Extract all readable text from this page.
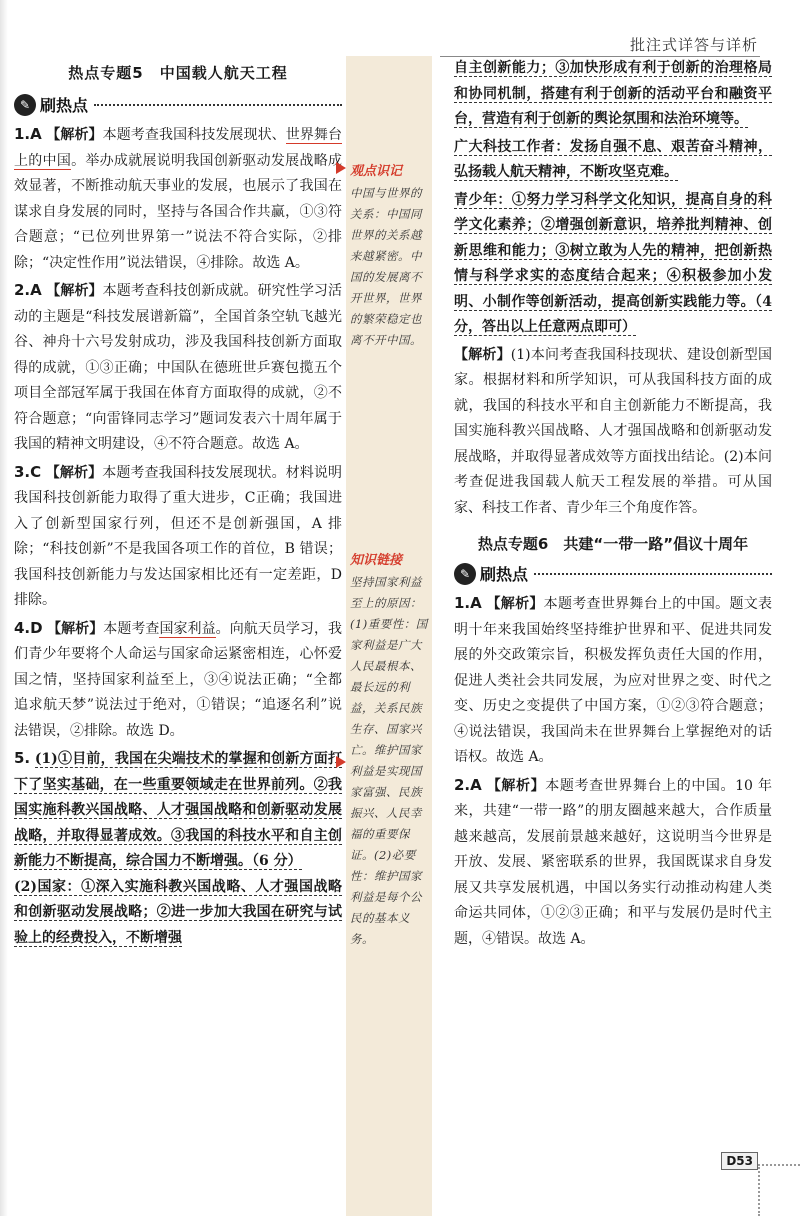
批注式详答与详析
热点专题5　中国载人航天工程
✎ 刷热点
1.A 【解析】本题考查我国科技发展现状、世界舞台上的中国。举办成就展说明我国创新驱动发展战略成效显著，不断推动航天事业的发展，也展示了我国在谋求自身发展的同时，坚持与各国合作共赢，①③符合题意；“已位列世界第一”说法不符合实际，②排除；“决定性作用”说法错误，④排除。故选 A。
2.A 【解析】本题考查科技创新成就。研究性学习活动的主题是“科技发展谱新篇”，全国首条空轨飞越光谷、神舟十六号发射成功，涉及我国科技创新方面取得的成就，①③正确；中国队在德班世乒赛包揽五个项目全部冠军属于我国在体育方面取得的成就，②不符合题意；“向雷锋同志学习”题词发表六十周年属于我国的精神文明建设，④不符合题意。故选 A。
3.C 【解析】本题考查我国科技发展现状。材料说明我国科技创新能力取得了重大进步，C正确；我国进入了创新型国家行列，但还不是创新强国，A 排除；“科技创新”不是我国各项工作的首位，B 错误；我国科技创新能力与发达国家相比还有一定差距，D 排除。
4.D 【解析】本题考查国家利益。向航天员学习，我们青少年要将个人命运与国家命运紧密相连，心怀爱国之情，坚持国家利益至上，③④说法正确；“全都追求航天梦”说法过于绝对，①错误；“追逐名利”说法错误，②排除。故选 D。
5. (1)①目前，我国在尖端技术的掌握和创新方面打下了坚实基础，在一些重要领域走在世界前列。②我国实施科教兴国战略、人才强国战略和创新驱动发展战略，并取得显著成效。③我国的科技水平和自主创新能力不断提高，综合国力不断增强。（6 分）
(2)国家：①深入实施科教兴国战略、人才强国战略和创新驱动发展战略；②进一步加大我国在研究与试验上的经费投入，不断增强
观点识记
中国与世界的关系：中国同世界的关系越来越紧密。中国的发展离不开世界，世界的繁荣稳定也离不开中国。
知识链接
坚持国家利益至上的原因：(1)重要性：国家利益是广大人民最根本、最长远的利益，关系民族生存、国家兴亡。维护国家利益是实现国家富强、民族振兴、人民幸福的重要保证。(2)必要性：维护国家利益是每个公民的基本义务。
自主创新能力；③加快形成有利于创新的治理格局和协同机制，搭建有利于创新的活动平台和融资平台，营造有利于创新的舆论氛围和法治环境等。
广大科技工作者：发扬自强不息、艰苦奋斗精神，弘扬载人航天精神，不断攻坚克难。
青少年：①努力学习科学文化知识，提高自身的科学文化素养；②增强创新意识，培养批判精神、创新思维和能力；③树立敢为人先的精神，把创新热情与科学求实的态度结合起来；④积极参加小发明、小制作等创新活动，提高创新实践能力等。（4 分，答出以上任意两点即可）
【解析】(1)本问考查我国科技现状、建设创新型国家。根据材料和所学知识，可从我国科技方面的成就，我国的科技水平和自主创新能力不断提高，我国实施科教兴国战略、人才强国战略和创新驱动发展战略，并取得显著成效等方面找出结论。(2)本问考查促进我国载人航天工程发展的举措。可从国家、科技工作者、青少年三个角度作答。
热点专题6　共建“一带一路”倡议十周年
✎ 刷热点
1.A 【解析】本题考查世界舞台上的中国。题文表明十年来我国始终坚持维护世界和平、促进共同发展的外交政策宗旨，积极发挥负责任大国的作用，促进人类社会共同发展，为应对世界之变、时代之变、历史之变提供了中国方案，①②③符合题意；④说法错误，我国尚未在世界舞台上掌握绝对的话语权。故选 A。
2.A 【解析】本题考查世界舞台上的中国。10 年来，共建“一带一路”的朋友圈越来越大，合作质量越来越高，发展前景越来越好，这说明当今世界是开放、发展、紧密联系的世界，我国既谋求自身发展又共享发展机遇，中国以务实行动推动构建人类命运共同体，①②③正确；和平与发展仍是时代主题，④错误。故选 A。
D53
